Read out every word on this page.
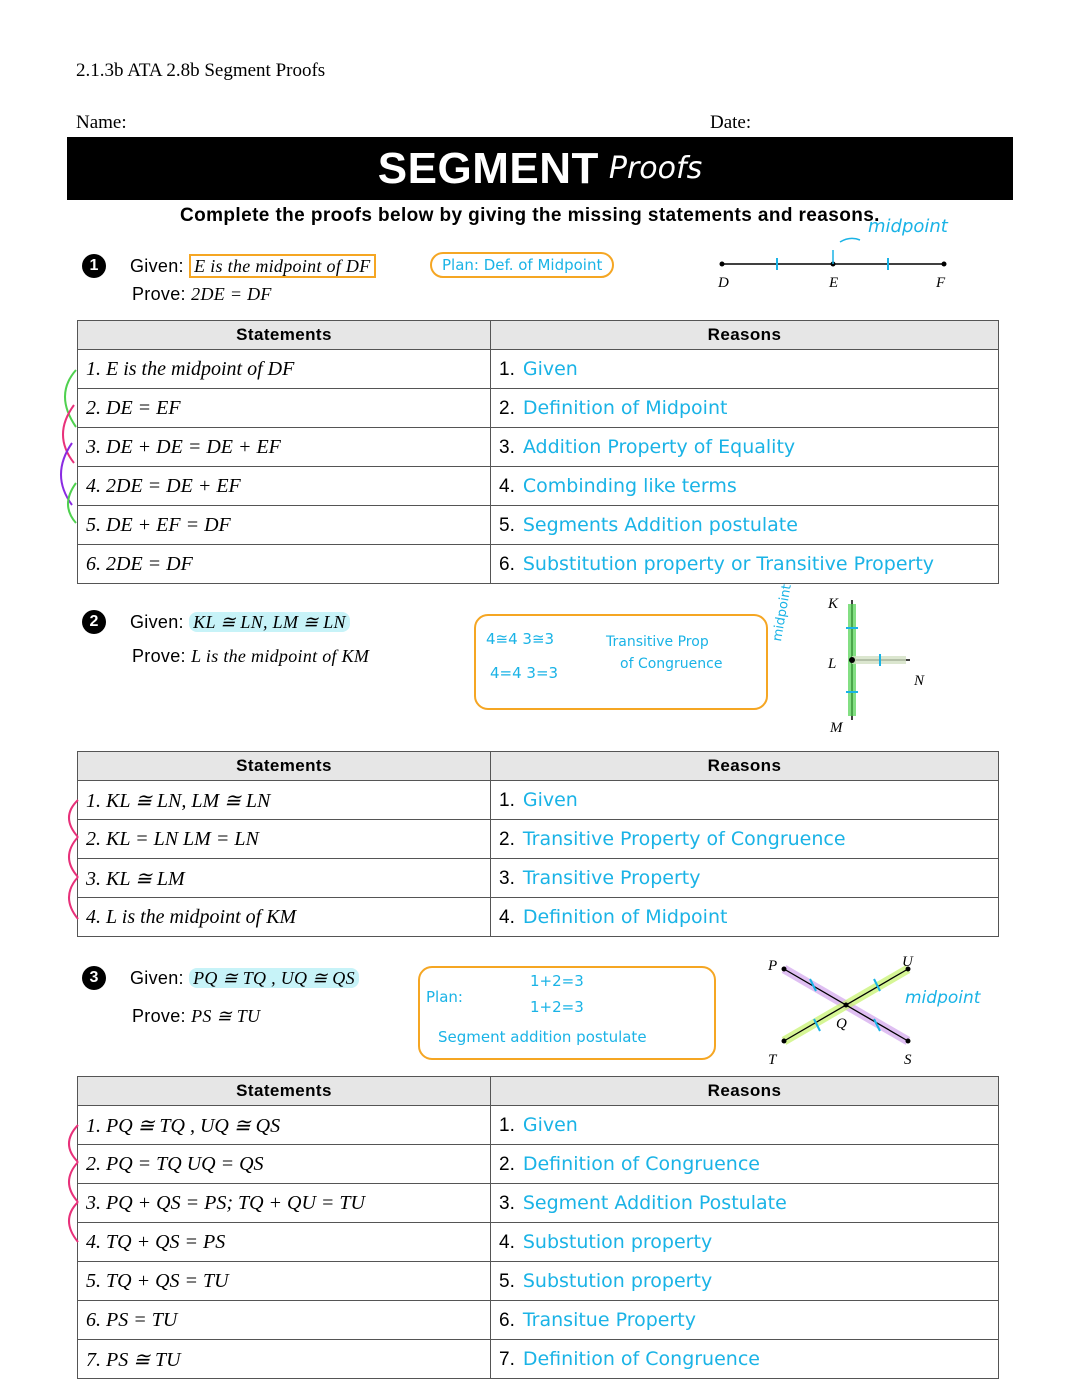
2.1.3b ATA 2.8b Segment Proofs
Name:	Date:
SEGMENT Proofs
Complete the proofs below by giving the missing statements and reasons.
1	Given: E is the midpoint of DF
Prove: 2DE = DF
Plan: Def. of Midpoint
D	E	F
midpoint
Statements	Reasons
1. E is the midpoint of DF	1. Given
2. DE = EF	2. Definition of Midpoint
3. DE + DE = DE + EF	3. Addition Property of Equality
4. 2DE = DE + EF	4. Combinding like terms
5. DE + EF = DF	5. Segments Addition postulate
6. 2DE = DF	6. Substitution property or Transitive Property
2	Given: KL ≅ LN, LM ≅ LN
Prove: L is the midpoint of KM
4≅4 3≅3
4=4 3=3
Transitive Prop
of Congruence
K
L
N
M
midpoint
Statements	Reasons
1. KL ≅ LN, LM ≅ LN	1. Given
2. KL = LN LM = LN	2. Transitive Property of Congruence
3. KL ≅ LM	3. Transitive Property
4. L is the midpoint of KM	4. Definition of Midpoint
3	Given: PQ ≅ TQ , UQ ≅ QS
Prove: PS ≅ TU
Plan:
1+2=3
1+2=3
Segment addition postulate
P	U
Q
T	S
midpoint
Statements	Reasons
1. PQ ≅ TQ , UQ ≅ QS	1. Given
2. PQ = TQ UQ = QS	2. Definition of Congruence
3. PQ + QS = PS; TQ + QU = TU	3. Segment Addition Postulate
4. TQ + QS = PS	4. Substution property
5. TQ + QS = TU	5. Substution property
6. PS = TU	6. Transitue Property
7. PS ≅ TU	7. Definition of Congruence
